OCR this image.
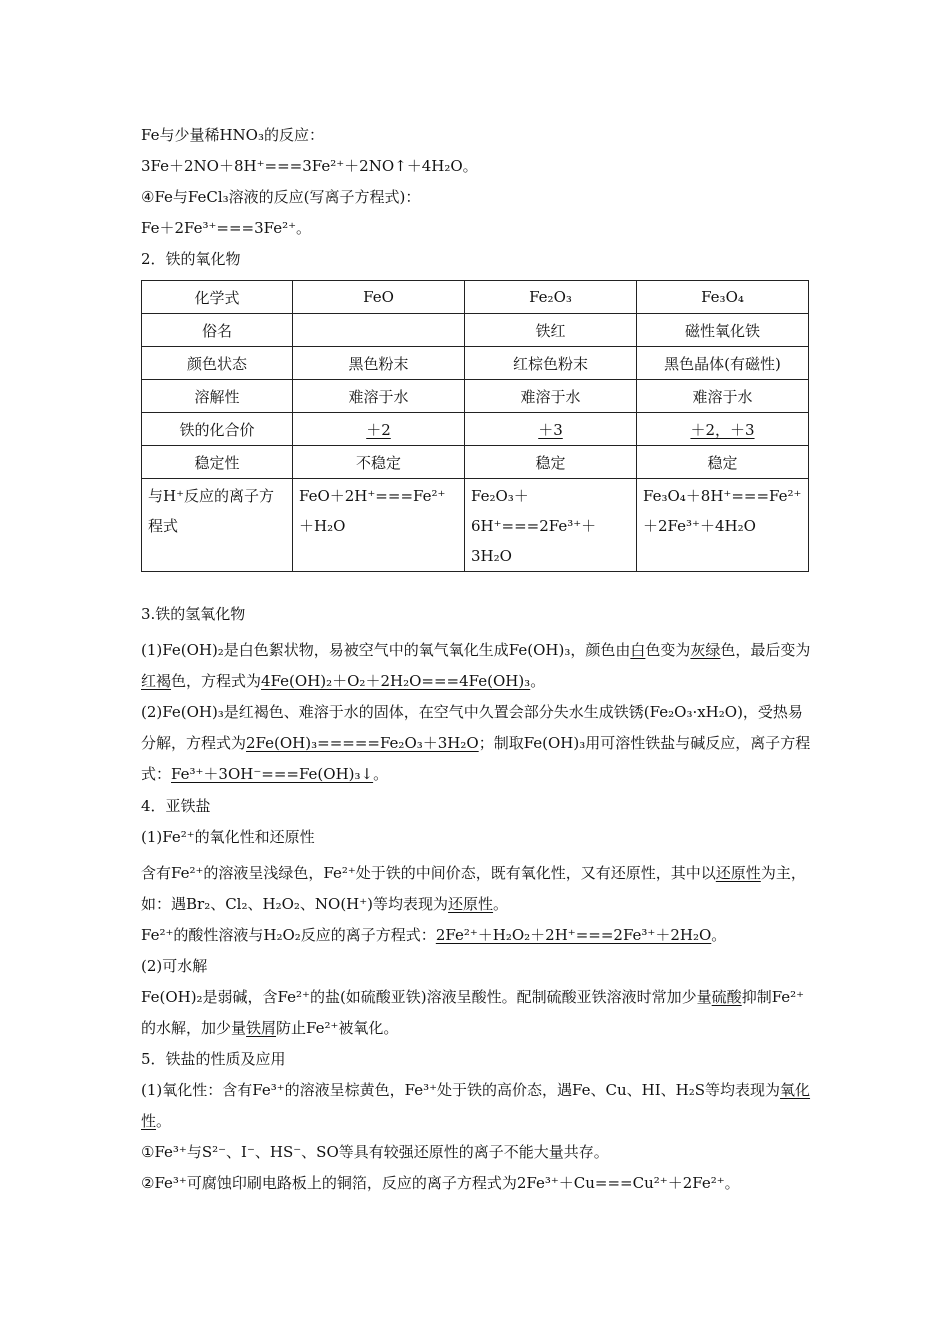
Fe与少量稀HNO₃的反应：
3Fe＋2NO＋8H⁺===3Fe²⁺＋2NO↑＋4H₂O。
④Fe与FeCl₃溶液的反应(写离子方程式)：
Fe＋2Fe³⁺===3Fe²⁺。
2．铁的氧化物
化学式	FeO	Fe₂O₃	Fe₃O₄
俗名		铁红	磁性氧化铁
颜色状态	黑色粉末	红棕色粉末	黑色晶体(有磁性)
溶解性	难溶于水	难溶于水	难溶于水
铁的化合价	＋2	＋3	＋2，＋3
稳定性	不稳定	稳定	稳定
与H⁺反应的离子方程式	FeO＋2H⁺===Fe²⁺＋H₂O	Fe₂O₃＋6H⁺===2Fe³⁺＋3H₂O	Fe₃O₄＋8H⁺===Fe²⁺＋2Fe³⁺＋4H₂O
3.铁的氢氧化物
(1)Fe(OH)₂是白色絮状物，易被空气中的氧气氧化生成Fe(OH)₃，颜色由白色变为灰绿色，最后变为红褐色，方程式为4Fe(OH)₂＋O₂＋2H₂O===4Fe(OH)₃。
(2)Fe(OH)₃是红褐色、难溶于水的固体，在空气中久置会部分失水生成铁锈(Fe₂O₃·xH₂O)，受热易分解，方程式为2Fe(OH)₃=====Fe₂O₃＋3H₂O；制取Fe(OH)₃用可溶性铁盐与碱反应，离子方程式：Fe³⁺＋3OH⁻===Fe(OH)₃↓。
4．亚铁盐
(1)Fe²⁺的氧化性和还原性
含有Fe²⁺的溶液呈浅绿色，Fe²⁺处于铁的中间价态，既有氧化性，又有还原性，其中以还原性为主，如：遇Br₂、Cl₂、H₂O₂、NO(H⁺)等均表现为还原性。
Fe²⁺的酸性溶液与H₂O₂反应的离子方程式：2Fe²⁺＋H₂O₂＋2H⁺===2Fe³⁺＋2H₂O。
(2)可水解
Fe(OH)₂是弱碱，含Fe²⁺的盐(如硫酸亚铁)溶液呈酸性。配制硫酸亚铁溶液时常加少量硫酸抑制Fe²⁺的水解，加少量铁屑防止Fe²⁺被氧化。
5．铁盐的性质及应用
(1)氧化性：含有Fe³⁺的溶液呈棕黄色，Fe³⁺处于铁的高价态，遇Fe、Cu、HI、H₂S等均表现为氧化性。
①Fe³⁺与S²⁻、I⁻、HS⁻、SO等具有较强还原性的离子不能大量共存。
②Fe³⁺可腐蚀印刷电路板上的铜箔，反应的离子方程式为2Fe³⁺＋Cu===Cu²⁺＋2Fe²⁺。
